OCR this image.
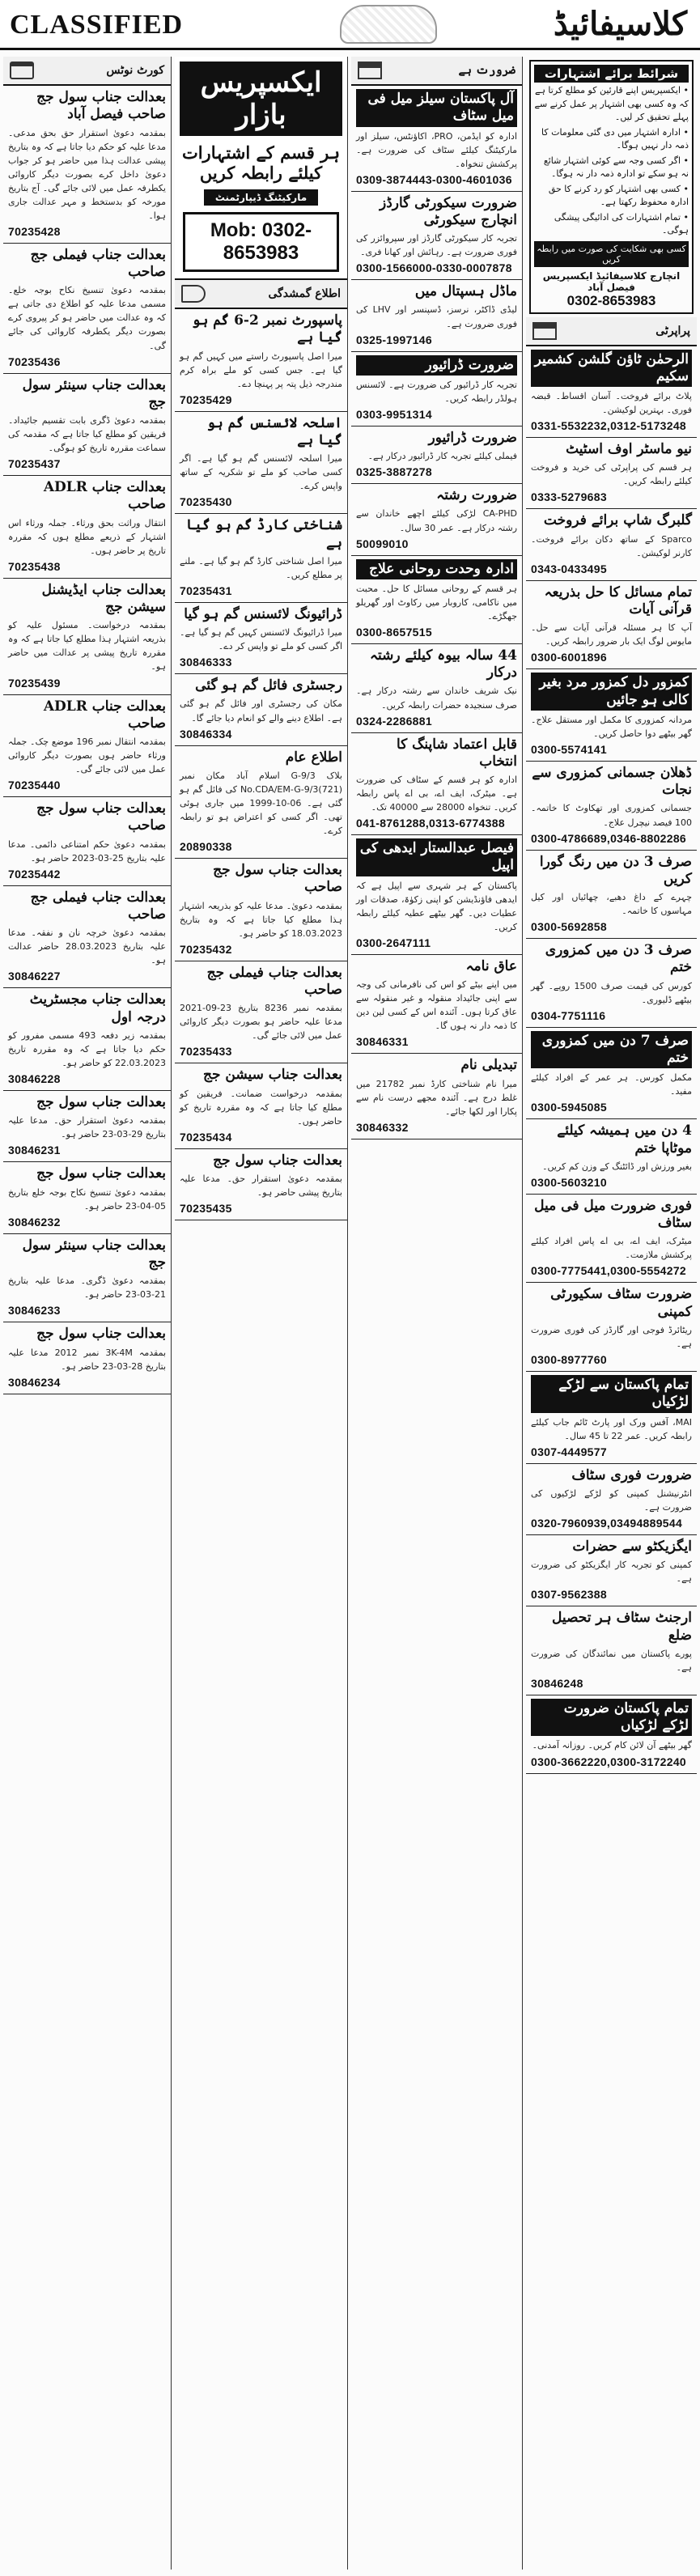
CLASSIFIED	کلاسیفائیڈ
کورٹ نوٹس
بعدالت جناب سول جج صاحب فیصل آباد

بمقدمہ دعویٰ استقرار حق بحق مدعی۔ مدعا علیہ کو حکم دیا جاتا ہے کہ وہ بتاریخ پیشی عدالت ہذا میں حاضر ہو کر جواب دعویٰ داخل کرے بصورت دیگر کاروائی یکطرفہ عمل میں لائی جائے گی۔ آج بتاریخ مورخہ کو بدستخط و مہر عدالت جاری ہوا۔

70235428
بعدالت جناب فیملی جج صاحب

بمقدمہ دعویٰ تنسیخ نکاح بوجہ خلع۔ مسمی مدعا علیہ کو اطلاع دی جاتی ہے کہ وہ عدالت میں حاضر ہو کر پیروی کرے بصورت دیگر یکطرفہ کاروائی کی جائے گی۔

70235436
بعدالت جناب سینئر سول جج

بمقدمہ دعویٰ ڈگری بابت تقسیم جائیداد۔ فریقین کو مطلع کیا جاتا ہے کہ مقدمہ کی سماعت مقررہ تاریخ کو ہوگی۔

70235437
بعدالت جناب ADLR صاحب

انتقال وراثت بحق ورثاء۔ جملہ ورثاء اس اشتہار کے ذریعے مطلع ہوں کہ مقررہ تاریخ پر حاضر ہوں۔

70235438
بعدالت جناب ایڈیشنل سیشن جج

بمقدمہ درخواست۔ مسئول علیہ کو بذریعہ اشتہار ہذا مطلع کیا جاتا ہے کہ وہ مقررہ تاریخ پیشی پر عدالت میں حاضر ہو۔

70235439
بعدالت جناب ADLR صاحب

بمقدمہ انتقال نمبر 196 موضع چک۔ جملہ ورثاء حاضر ہوں بصورت دیگر کاروائی عمل میں لائی جائے گی۔

70235440
بعدالت جناب سول جج صاحب

بمقدمہ دعویٰ حکم امتناعی دائمی۔ مدعا علیہ بتاریخ 25-03-2023 حاضر ہو۔

70235442
بعدالت جناب فیملی جج صاحب

بمقدمہ دعویٰ خرچہ نان و نفقہ۔ مدعا علیہ بتاریخ 28.03.2023 حاضر عدالت ہو۔

30846227
بعدالت جناب مجسٹریٹ درجہ اول

بمقدمہ زیر دفعہ 493 مسمی مفرور کو حکم دیا جاتا ہے کہ وہ مقررہ تاریخ 22.03.2023 کو حاضر ہو۔

30846228
بعدالت جناب سول جج

بمقدمہ دعویٰ استقرار حق۔ مدعا علیہ بتاریخ 29-03-23 حاضر ہو۔

30846231
بعدالت جناب سول جج

بمقدمہ دعویٰ تنسیخ نکاح بوجہ خلع بتاریخ 05-04-23 حاضر ہو۔

30846232
بعدالت جناب سینئر سول جج

بمقدمہ دعویٰ ڈگری۔ مدعا علیہ بتاریخ 21-03-23 حاضر ہو۔

30846233
بعدالت جناب سول جج

بمقدمہ 3K-4M نمبر 2012 مدعا علیہ بتاریخ 28-03-23 حاضر ہو۔

30846234
ایکسپریس بازار
ہر قسم کے اشتہارات کیلئے رابطہ کریں
مارکیٹنگ ڈیپارٹمنٹ
Mob: 0302-8653983
اطلاع گمشدگی
پاسپورٹ نمبر 2-6 گم ہو گیا ہے

میرا اصل پاسپورٹ راستے میں کہیں گم ہو گیا ہے۔ جس کسی کو ملے براہ کرم مندرجہ ذیل پتہ پر پہنچا دے۔

70235429
اسلحہ لائسنس گم ہو گیا ہے

میرا اسلحہ لائسنس گم ہو گیا ہے۔ اگر کسی صاحب کو ملے تو شکریہ کے ساتھ واپس کرے۔

70235430
شناختی کارڈ گم ہو گیا ہے

میرا اصل شناختی کارڈ گم ہو گیا ہے۔ ملنے پر مطلع کریں۔

70235431
ڈرائیونگ لائسنس گم ہو گیا

میرا ڈرائیونگ لائسنس کہیں گم ہو گیا ہے۔ اگر کسی کو ملے تو واپس کر دے۔

30846333
رجسٹری فائل گم ہو گئی

مکان کی رجسٹری اور فائل گم ہو گئی ہے۔ اطلاع دینے والے کو انعام دیا جائے گا۔

30846334
اطلاع عام

بلاک G-9/3 اسلام آباد مکان نمبر No.CDA/EM-G-9/3(721) کی فائل گم ہو گئی ہے۔ 06-10-1999 میں جاری ہوئی تھی۔ اگر کسی کو اعتراض ہو تو رابطہ کرے۔

20890338
بعدالت جناب سول جج صاحب

بمقدمہ دعویٰ۔ مدعا علیہ کو بذریعہ اشتہار ہذا مطلع کیا جاتا ہے کہ وہ بتاریخ 18.03.2023 کو حاضر ہو۔

70235432
بعدالت جناب فیملی جج صاحب

بمقدمہ نمبر 8236 بتاریخ 23-09-2021 مدعا علیہ حاضر ہو بصورت دیگر کاروائی عمل میں لائی جائے گی۔

70235433
بعدالت جناب سیشن جج

بمقدمہ درخواست ضمانت۔ فریقین کو مطلع کیا جاتا ہے کہ وہ مقررہ تاریخ کو حاضر ہوں۔

70235434
بعدالت جناب سول جج

بمقدمہ دعویٰ استقرار حق۔ مدعا علیہ بتاریخ پیشی حاضر ہو۔

70235435
ضرورت ہے
آل پاکستان سیلز میل فی میل سٹاف

ادارہ کو ایڈمن، PRO، اکاؤنٹس، سیلز اور مارکیٹنگ کیلئے سٹاف کی ضرورت ہے۔ پرکشش تنخواہ۔

0309-3874443-0300-4601036
ضرورت سیکورٹی گارڈز انچارج سیکورٹی

تجربہ کار سیکورٹی گارڈز اور سپروائزر کی فوری ضرورت ہے۔ رہائش اور کھانا فری۔

0300-1566000-0330-0007878
ماڈل ہسپتال میں

لیڈی ڈاکٹر، نرسز، ڈسپنسر اور LHV کی فوری ضرورت ہے۔

0325-1997146
ضرورت ڈرائیور

تجربہ کار ڈرائیور کی ضرورت ہے۔ لائسنس ہولڈر رابطہ کریں۔

0303-9951314
ضرورت ڈرائیور

فیملی کیلئے تجربہ کار ڈرائیور درکار ہے۔

0325-3887278
ضرورت رشتہ

CA-PHD لڑکی کیلئے اچھے خاندان سے رشتہ درکار ہے۔ عمر 30 سال۔

50099010
ادارہ وحدت روحانی علاج

ہر قسم کے روحانی مسائل کا حل۔ محبت میں ناکامی، کاروبار میں رکاوٹ اور گھریلو جھگڑے۔

0300-8657515
44 سالہ بیوہ کیلئے رشتہ درکار

نیک شریف خاندان سے رشتہ درکار ہے۔ صرف سنجیدہ حضرات رابطہ کریں۔

0324-2286881
قابل اعتماد شاپنگ کا انتخاب

ادارہ کو ہر قسم کے سٹاف کی ضرورت ہے۔ میٹرک، ایف اے، بی اے پاس رابطہ کریں۔ تنخواہ 28000 سے 40000 تک۔

041-8761288,0313-6774388
فیصل عبدالستار ایدھی کی اپیل

پاکستان کے ہر شہری سے اپیل ہے کہ ایدھی فاؤنڈیشن کو اپنی زکوٰۃ، صدقات اور عطیات دیں۔ گھر بیٹھے عطیہ کیلئے رابطہ کریں۔

0300-2647111
عاق نامہ

میں اپنے بیٹے کو اس کی نافرمانی کی وجہ سے اپنی جائیداد منقولہ و غیر منقولہ سے عاق کرتا ہوں۔ آئندہ اس کے کسی لین دین کا ذمہ دار نہ ہوں گا۔

30846331
تبدیلی نام

میرا نام شناختی کارڈ نمبر 21782 میں غلط درج ہے۔ آئندہ مجھے درست نام سے پکارا اور لکھا جائے۔

30846332
شرائط برائے اشتہارات
• ایکسپریس اپنے قارئین کو مطلع کرتا ہے کہ وہ کسی بھی اشتہار پر عمل کرنے سے پہلے تحقیق کر لیں۔
• ادارہ اشتہار میں دی گئی معلومات کا ذمہ دار نہیں ہوگا۔
• اگر کسی وجہ سے کوئی اشتہار شائع نہ ہو سکے تو ادارہ ذمہ دار نہ ہوگا۔
• کسی بھی اشتہار کو رد کرنے کا حق ادارہ محفوظ رکھتا ہے۔
• تمام اشتہارات کی ادائیگی پیشگی ہوگی۔
کسی بھی شکایت کی صورت میں رابطہ کریں
انچارج کلاسیفائیڈ ایکسپریس فیصل آباد
0302-8653983
پراپرٹی
الرحمٰن ٹاؤن گلشن کشمیر سکیم

پلاٹ برائے فروخت۔ آسان اقساط۔ قبضہ فوری۔ بہترین لوکیشن۔

0331-5532232,0312-5173248
نیو ماسٹر اوف اسٹیٹ

ہر قسم کی پراپرٹی کی خرید و فروخت کیلئے رابطہ کریں۔

0333-5279683
گلبرگ شاپ برائے فروخت

Sparco کے ساتھ دکان برائے فروخت۔ کارنر لوکیشن۔

0343-0433495
تمام مسائل کا حل بذریعہ قرآنی آیات

آپ کا ہر مسئلہ قرآنی آیات سے حل۔ مایوس لوگ ایک بار ضرور رابطہ کریں۔

0300-6001896
کمزور دل کمزور مرد بغیر کالی ہو جائیں

مردانہ کمزوری کا مکمل اور مستقل علاج۔ گھر بیٹھے دوا حاصل کریں۔

0300-5574141
ڈھلان جسمانی کمزوری سے نجات

جسمانی کمزوری اور تھکاوٹ کا خاتمہ۔ 100 فیصد نیچرل علاج۔

0300-4786689,0346-8802286
صرف 3 دن میں رنگ گورا کریں

چہرے کے داغ دھبے، چھائیاں اور کیل مہاسوں کا خاتمہ۔

0300-5692858
صرف 3 دن میں کمزوری ختم

کورس کی قیمت صرف 1500 روپے۔ گھر بیٹھے ڈلیوری۔

0304-7751116
صرف 7 دن میں کمزوری ختم

مکمل کورس۔ ہر عمر کے افراد کیلئے مفید۔

0300-5945085
4 دن میں ہمیشہ کیلئے موٹاپا ختم

بغیر ورزش اور ڈائٹنگ کے وزن کم کریں۔

0300-5603210
فوری ضرورت میل فی میل سٹاف

میٹرک، ایف اے، بی اے پاس افراد کیلئے پرکشش ملازمت۔

0300-7775441,0300-5554272
ضرورت سٹاف سکیورٹی کمپنی

ریٹائرڈ فوجی اور گارڈز کی فوری ضرورت ہے۔

0300-8977760
تمام پاکستان سے لڑکے لڑکیاں

MAI، آفس ورک اور پارٹ ٹائم جاب کیلئے رابطہ کریں۔ عمر 22 تا 45 سال۔

0307-4449577
ضرورت فوری سٹاف

انٹرنیشنل کمپنی کو لڑکے لڑکیوں کی ضرورت ہے۔

0320-7960939,03494889544
ایگزیکٹو سے حضرات

کمپنی کو تجربہ کار ایگزیکٹو کی ضرورت ہے۔

0307-9562388
ارجنٹ سٹاف ہر تحصیل ضلع

پورے پاکستان میں نمائندگان کی ضرورت ہے۔

30846248
تمام پاکستان ضرورت لڑکے لڑکیاں

گھر بیٹھے آن لائن کام کریں۔ روزانہ آمدنی۔

0300-3662220,0300-3172240
